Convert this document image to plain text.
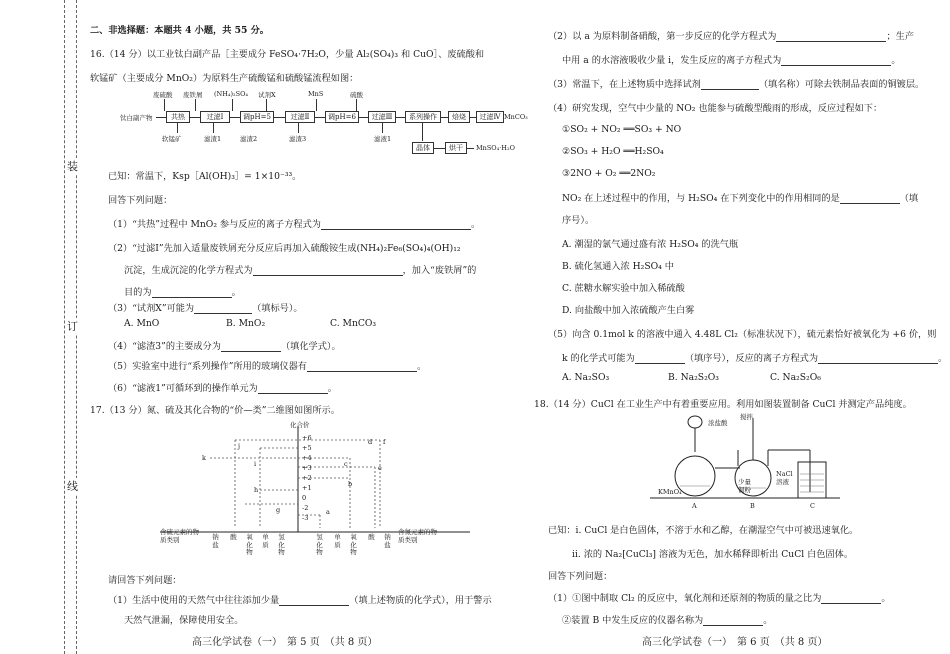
装
订
线
二、非选择题：本题共 4 小题，共 55 分。
16.（14 分）以工业钛白副产品［主要成分 FeSO₄·7H₂O，少量 Al₂(SO₄)₃ 和 CuO］、废硫酸和
软锰矿（主要成分 MnO₂）为原料生产硫酸锰和硫酸锰流程如图：
废硫酸 废铁屑 (NH₄)₂SO₄ 试剂X	MnS	硫酸
钛白副产物	共热	过滤Ⅰ	调pH=5	过滤Ⅱ	调pH=6	过滤Ⅲ	系列操作	焙烧	过滤Ⅳ MnCO₃
软锰矿	滤渣1	滤渣3	滤液1
滤渣2
晶体	烘干	MnSO₄·H₂O
已知：常温下，Ksp［Al(OH)₃］= 1×10⁻³³。
回答下列问题：
（1）“共热”过程中 MnO₂ 参与反应的离子方程式为	。
（2）“过滤Ⅰ”先加入适量废铁屑充分反应后再加入硫酸铵生成(NH₄)₂Fe₆(SO₄)₄(OH)₁₂
沉淀，生成沉淀的化学方程式为	，加入“废铁屑”的
目的为	。
（3）“试剂X”可能为	（填标号）。
A. MnO	B. MnO₂	C. MnCO₃
（4）“滤渣3”的主要成分为	（填化学式）。
（5）实验室中进行“系列操作”所用的玻璃仪器有	。
（6）“滤液1”可循环到的操作单元为	。
17.（13 分）氮、硫及其化合物的“价—类”二维图如图所示。
化合价
+6
+5
+4
+3
+2
+1
0
-2
-3
a
b
c
d
e
f
g
h
i
j
k
含硫元素的物质类别	钠盐
酸 氧化物
单质
氢化物
氢化物
单质
氧化物
酸 钠盐
含氮元素的物质类别
请回答下列问题：
（1）生活中使用的天然气中往往添加少量	（填上述物质的化学式），用于警示
天然气泄漏，保障使用安全。
高三化学试卷（一）　第 5 页　（共 8 页）
（2）以 a 为原料制备硝酸，第一步反应的化学方程式为	；生产
中用 a 的水溶液吸收少量 i，发生反应的离子方程式为	。
（3）常温下，在上述物质中选择试剂	（填名称）可除去铁制品表面的铜镀层。
（4）研究发现，空气中少量的 NO₂ 也能参与硫酸型酸雨的形成，反应过程如下：
①SO₂ + NO₂ ══SO₃ + NO
②SO₃ + H₂O ══H₂SO₄
③2NO + O₂ ══2NO₂
NO₂ 在上述过程中的作用，与 H₂SO₄ 在下列变化中的作用相同的是	（填
序号）。
A. 潮湿的氯气通过盛有浓 H₂SO₄ 的洗气瓶
B. 硫化氢通入浓 H₂SO₄ 中
C. 蔗糖水解实验中加入稀硫酸
D. 向盐酸中加入浓硫酸产生白雾
（5）向含 0.1mol k 的溶液中通入 4.48L Cl₂（标准状况下），硫元素恰好被氧化为 +6 价，则
k 的化学式可能为	（填序号），反应的离子方程式为	。
A. Na₂SO₃	B. Na₂S₂O₃	C. Na₂S₂O₆
18.（14 分）CuCl 在工业生产中有着重要应用。利用如图装置制备 CuCl 并测定产品纯度。
浓盐酸
搅拌
少量铜粉
NaCl溶液
KMnO₄
A	B	C
已知：ⅰ. CuCl 是白色固体，不溶于水和乙醇，在潮湿空气中可被迅速氧化。
ⅱ. 浓的 Na₂[CuCl₃] 溶液为无色，加水稀释即析出 CuCl 白色固体。
回答下列问题：
（1）①图中制取 Cl₂ 的反应中，氧化剂和还原剂的物质的量之比为	。
②装置 B 中发生反应的仪器名称为	。
高三化学试卷（一）　第 6 页　（共 8 页）
